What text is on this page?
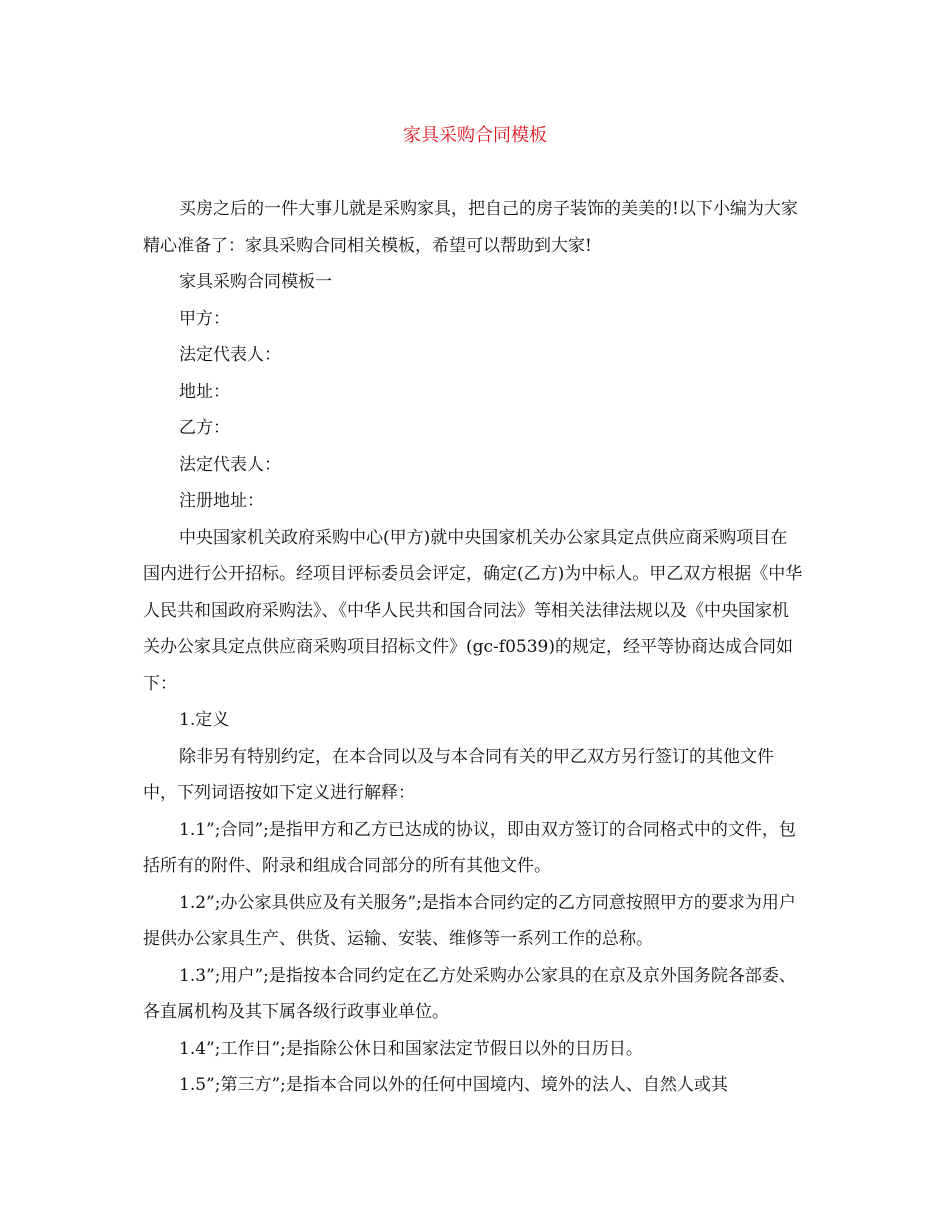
家具采购合同模板

买房之后的一件大事儿就是采购家具，把自己的房子装饰的美美的!以下小编为大家精心准备了：家具采购合同相关模板，希望可以帮助到大家!

家具采购合同模板一

甲方：

法定代表人：

地址：

乙方：

法定代表人：

注册地址：

中央国家机关政府采购中心(甲方)就中央国家机关办公家具定点供应商采购项目在国内进行公开招标。经项目评标委员会评定，确定(乙方)为中标人。甲乙双方根据《中华人民共和国政府采购法》、《中华人民共和国合同法》等相关法律法规以及《中央国家机关办公家具定点供应商采购项目招标文件》(gc-f0539)的规定，经平等协商达成合同如下：

1.定义

除非另有特别约定，在本合同以及与本合同有关的甲乙双方另行签订的其他文件中，下列词语按如下定义进行解释：

1.1”;合同”;是指甲方和乙方已达成的协议，即由双方签订的合同格式中的文件，包括所有的附件、附录和组成合同部分的所有其他文件。

1.2”;办公家具供应及有关服务”;是指本合同约定的乙方同意按照甲方的要求为用户提供办公家具生产、供货、运输、安装、维修等一系列工作的总称。

1.3”;用户”;是指按本合同约定在乙方处采购办公家具的在京及京外国务院各部委、各直属机构及其下属各级行政事业单位。

1.4”;工作日”;是指除公休日和国家法定节假日以外的日历日。

1.5”;第三方”;是指本合同以外的任何中国境内、境外的法人、自然人或其
